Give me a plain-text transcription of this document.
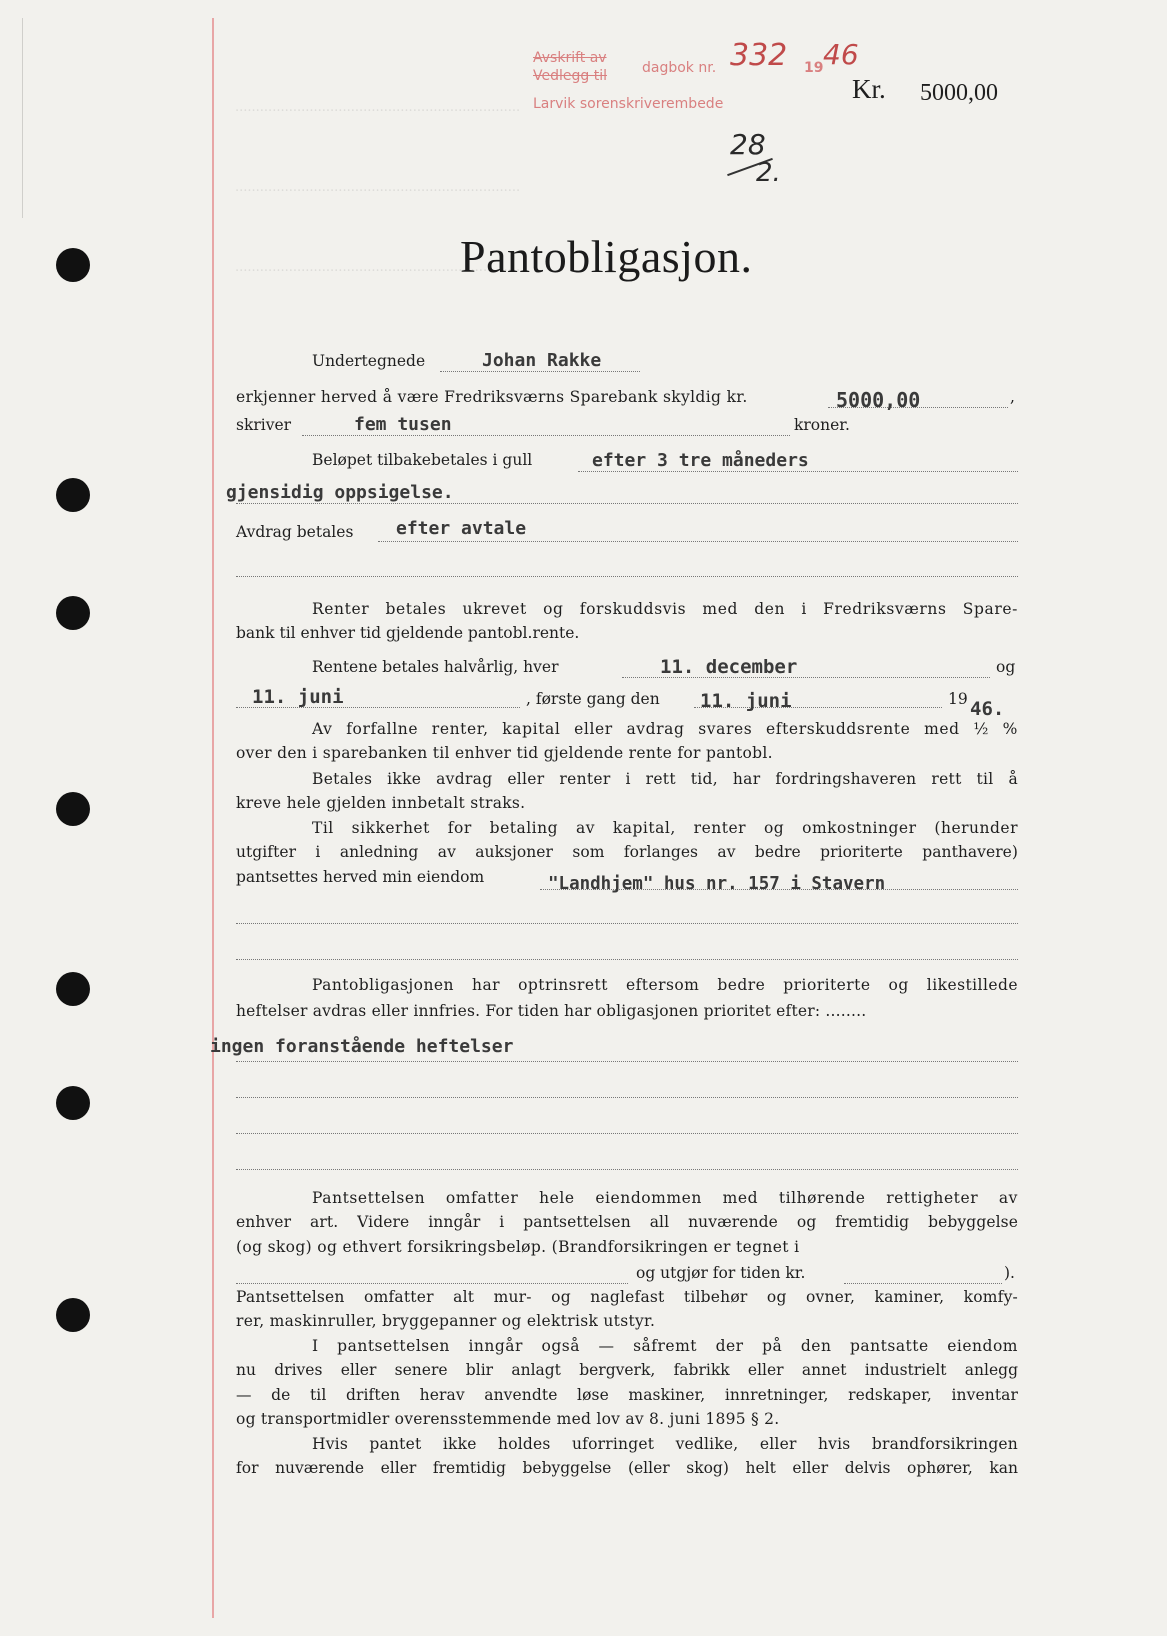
.....................................................................
.....................................................................
.....................................................................
Avskrift av
Vedlegg til	dagbok nr. 332 19 46
Larvik sorenskriverembede
28
2.
Kr. 5000,00
Pantobligasjon.
Undertegnede	Johan Rakke
erkjenner herved å være Fredriksværns Sparebank skyldig kr.	5000,00	,
skriver	fem tusen	kroner.
Beløpet tilbakebetales i gull	efter 3 tre måneders
gjensidig oppsigelse.
Avdrag betales efter avtale
Renter betales ukrevet og forskuddsvis med den i Fredriksværns Spare-
bank til enhver tid gjeldende pantobl.rente.
Rentene betales halvårlig, hver	11. december	og
11. juni	, første gang den 11. juni	19 46.
Av forfallne renter, kapital eller avdrag svares efterskuddsrente med ½ %
over den i sparebanken til enhver tid gjeldende rente for pantobl.
Betales ikke avdrag eller renter i rett tid, har fordringshaveren rett til å
kreve hele gjelden innbetalt straks.
Til sikkerhet for betaling av kapital, renter og omkostninger (herunder
utgifter i anledning av auksjoner som forlanges av bedre prioriterte panthavere)
pantsettes herved min eiendom	"Landhjem" hus nr. 157 i Stavern
Pantobligasjonen har optrinsrett eftersom bedre prioriterte og likestillede
heftelser avdras eller innfries. For tiden har obligasjonen prioritet efter: ........
ingen foranstående heftelser
Pantsettelsen omfatter hele eiendommen med tilhørende rettigheter av
enhver art. Videre inngår i pantsettelsen all nuværende og fremtidig bebyggelse
(og skog) og ethvert forsikringsbeløp. (Brandforsikringen er tegnet i
og utgjør for tiden kr.	).
Pantsettelsen omfatter alt mur- og naglefast tilbehør og ovner, kaminer, komfy-
rer, maskinruller, bryggepanner og elektrisk utstyr.
I pantsettelsen inngår også — såfremt der på den pantsatte eiendom
nu drives eller senere blir anlagt bergverk, fabrikk eller annet industrielt anlegg
— de til driften herav anvendte løse maskiner, innretninger, redskaper, inventar
og transportmidler overensstemmende med lov av 8. juni 1895 § 2.
Hvis pantet ikke holdes uforringet vedlike, eller hvis brandforsikringen
for nuværende eller fremtidig bebyggelse (eller skog) helt eller delvis ophører, kan
